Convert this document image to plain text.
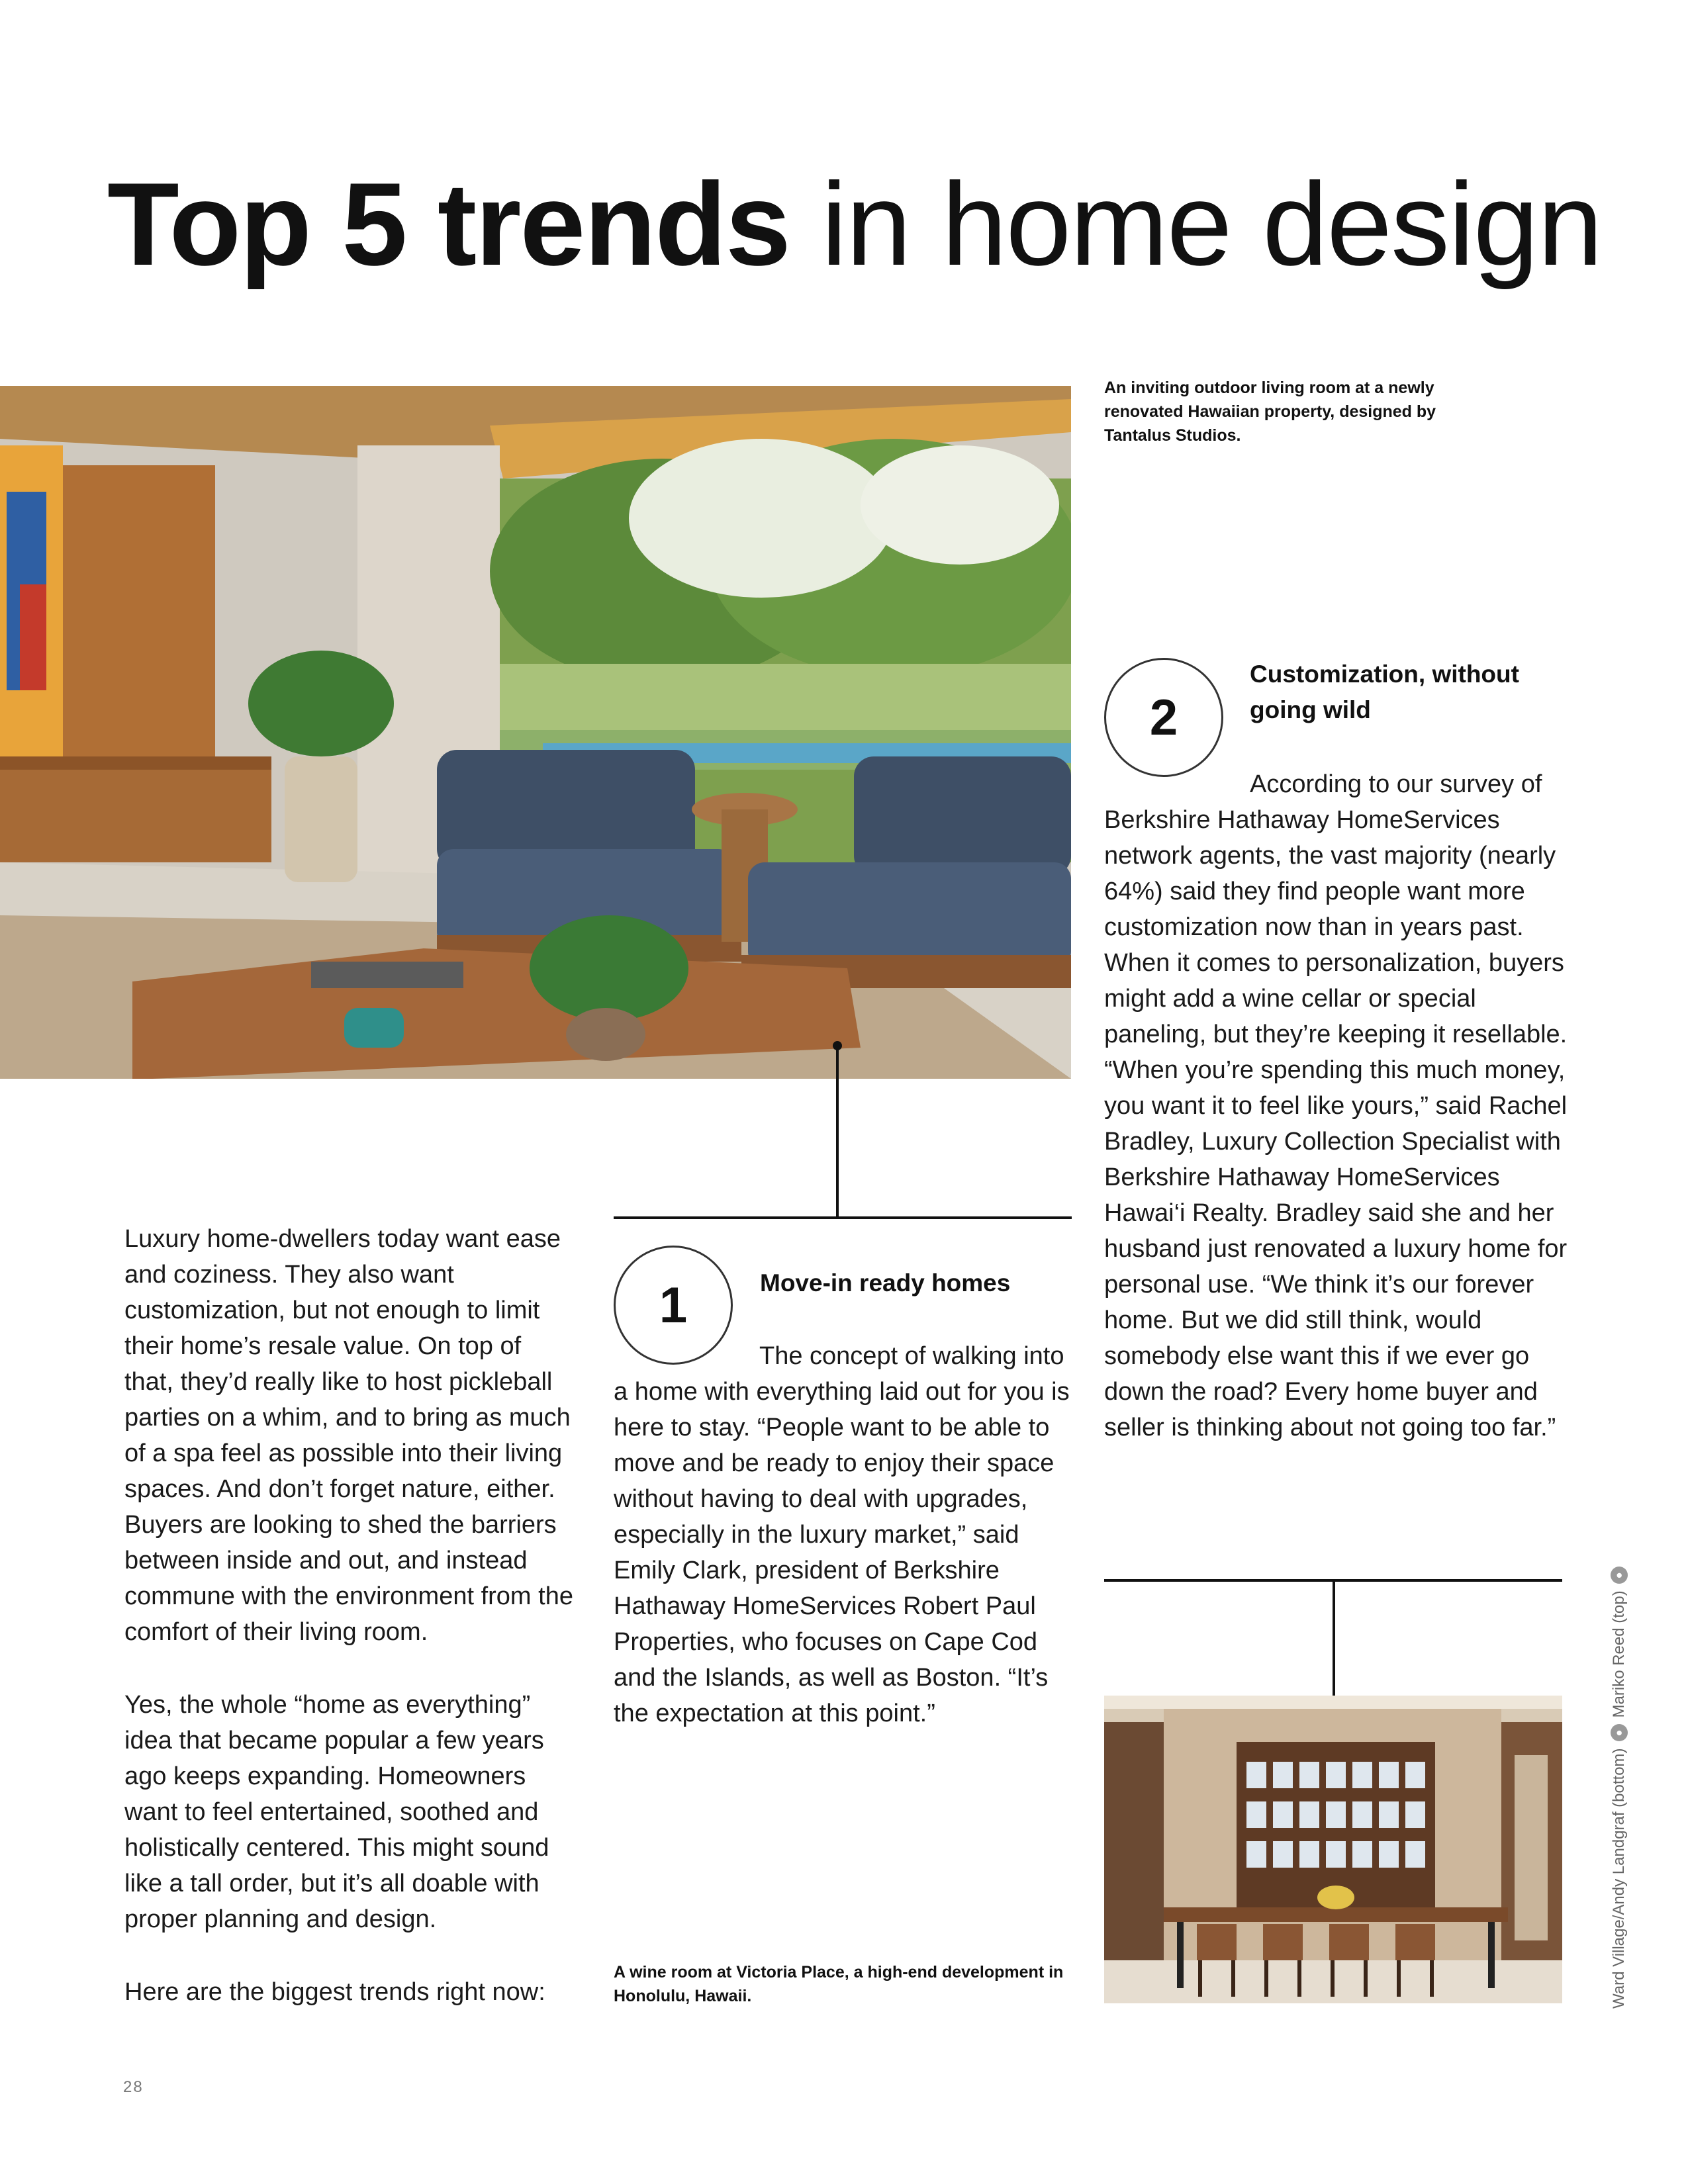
Top 5 trends in home design
An inviting outdoor living room at a newly renovated Hawaiian property, designed by Tantalus Studios.

Luxury home-dwellers today want ease and coziness. They also want customization, but not enough to limit their home’s resale value. On top of that, they’d really like to host pickleball parties on a whim, and to bring as much of a spa feel as possible into their living spaces. And don’t forget nature, either. Buyers are looking to shed the barriers between inside and out, and instead commune with the environment from the comfort of their living room.

Yes, the whole “home as everything” idea that became popular a few years ago keeps expanding. Homeowners want to feel entertained, soothed and holistically centered. This might sound like a tall order, but it’s all doable with proper planning and design.

Here are the biggest trends right now:

1	Move-in ready homes
The concept of walking into a home with everything laid out for you is here to stay. “People want to be able to move and be ready to enjoy their space without having to deal with upgrades, especially in the luxury market,” said Emily Clark, president of Berkshire Hathaway HomeServices Robert Paul Properties, who focuses on Cape Cod and the Islands, as well as Boston. “It’s the expectation at this point.”
2
Customization, without going wild
According to our survey of Berkshire Hathaway HomeServices network agents, the vast majority (nearly 64%) said they find people want more customization now than in years past. When it comes to personalization, buyers might add a wine cellar or special paneling, but they’re keeping it resellable. “When you’re spending this much money, you want it to feel like yours,” said Rachel Bradley, Luxury Collection Specialist with Berkshire Hathaway HomeServices Hawai‘i Realty. Bradley said she and her husband just renovated a luxury home for personal use. “We think it’s our forever home. But we did still think, would somebody else want this if we ever go down the road? Every home buyer and seller is thinking about not going too far.”
A wine room at Victoria Place, a high-end development in Honolulu, Hawaii.	Ward Village/Andy Landgraf (bottom)
●
Mariko Reed (top)
●
28
